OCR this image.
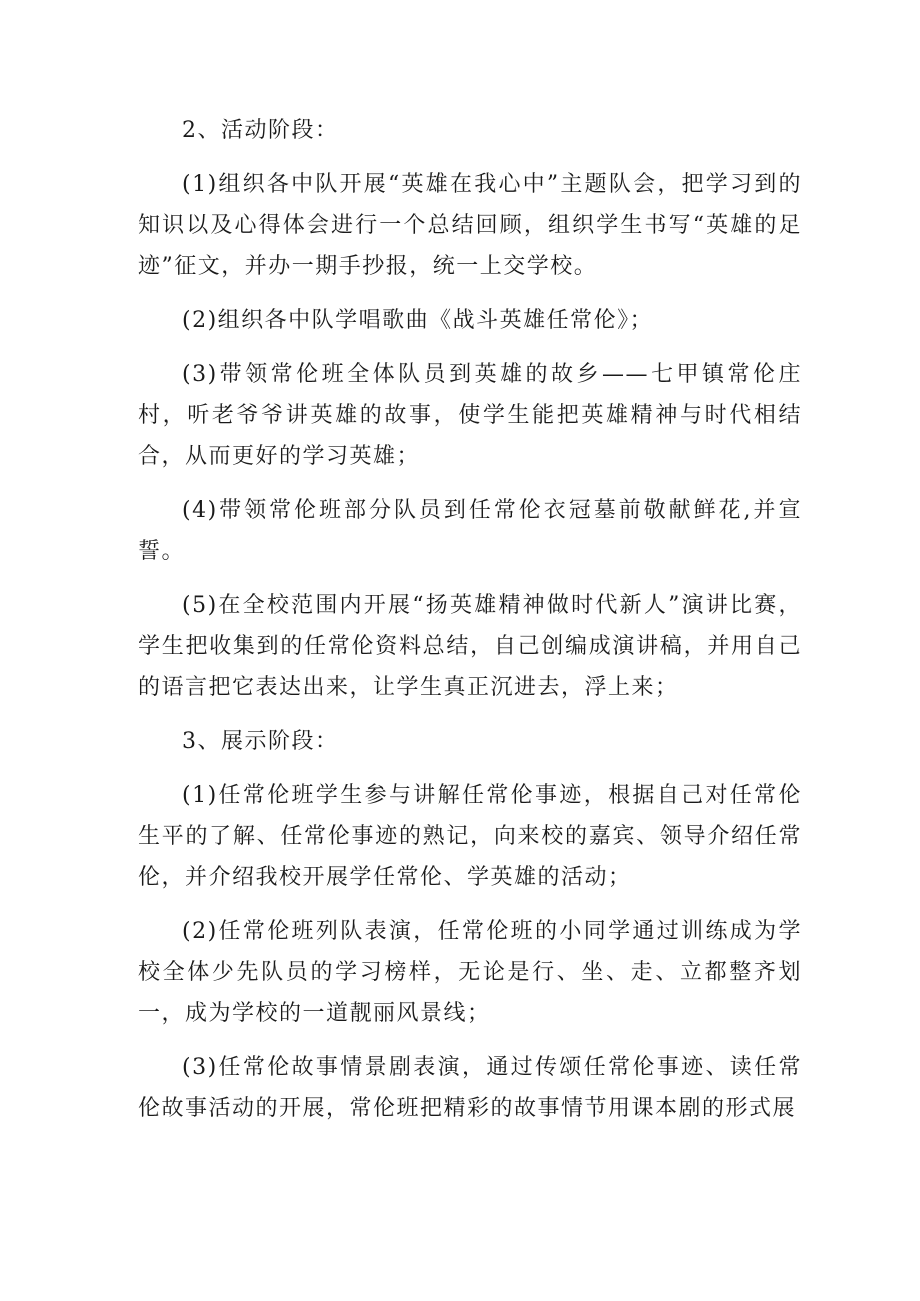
2、活动阶段：

(1)组织各中队开展“英雄在我心中”主题队会，把学习到的知识以及心得体会进行一个总结回顾，组织学生书写“英雄的足迹”征文，并办一期手抄报，统一上交学校。

(2)组织各中队学唱歌曲《战斗英雄任常伦》；

(3)带领常伦班全体队员到英雄的故乡——七甲镇常伦庄村，听老爷爷讲英雄的故事，使学生能把英雄精神与时代相结合，从而更好的学习英雄；

(4)带领常伦班部分队员到任常伦衣冠墓前敬献鲜花,并宣誓。

(5)在全校范围内开展“扬英雄精神做时代新人”演讲比赛，学生把收集到的任常伦资料总结，自己创编成演讲稿，并用自己的语言把它表达出来，让学生真正沉进去，浮上来；

3、展示阶段：

(1)任常伦班学生参与讲解任常伦事迹，根据自己对任常伦生平的了解、任常伦事迹的熟记，向来校的嘉宾、领导介绍任常伦，并介绍我校开展学任常伦、学英雄的活动；

(2)任常伦班列队表演，任常伦班的小同学通过训练成为学校全体少先队员的学习榜样，无论是行、坐、走、立都整齐划一，成为学校的一道靓丽风景线；

(3)任常伦故事情景剧表演，通过传颂任常伦事迹、读任常伦故事活动的开展，常伦班把精彩的故事情节用课本剧的形式展
